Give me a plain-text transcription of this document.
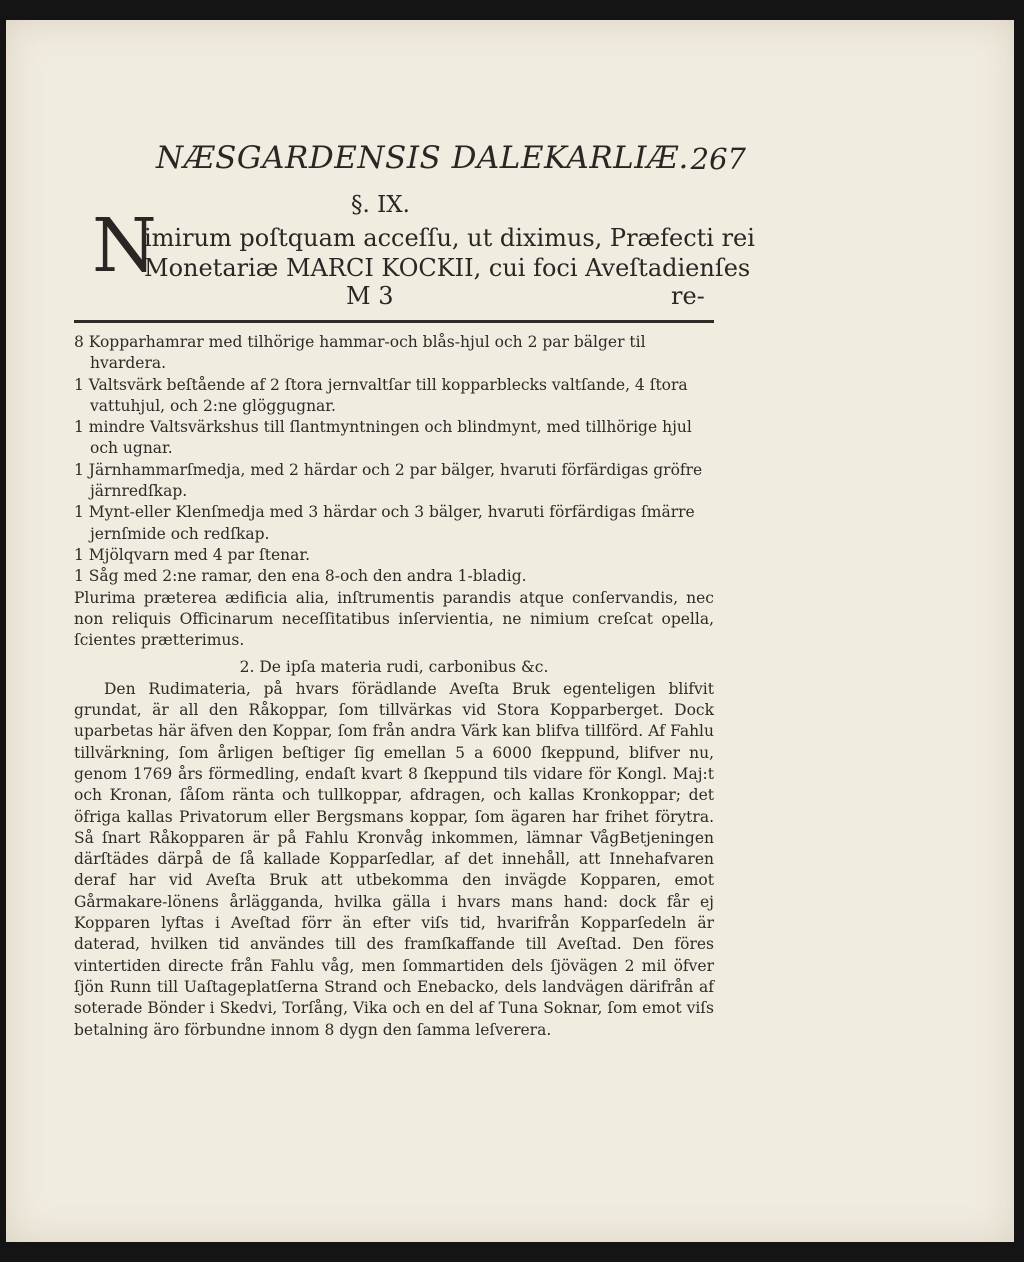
NÆSGARDENSIS DALEKARLIÆ. 267
§. IX.
N
imirum poſtquam acceſſu, ut diximus, Præfecti rei
Monetariæ MARCI KOCKII, cui foci Aveſtadienſes
M 3	re-

8 Kopparhamrar med tilhörige hammar-och blås-hjul och 2 par bälger til hvardera.

1 Valtsvärk beſtående af 2 ſtora jernvaltſar till kopparblecks valtſande, 4 ſtora vattuhjul, och 2:ne glöggugnar.

1 mindre Valtsvärkshus till ſlantmyntningen och blindmynt, med tillhörige hjul och ugnar.

1 Järnhammarſmedja, med 2 härdar och 2 par bälger, hvaruti förfärdigas gröfre järnredſkap.

1 Mynt-eller Klenſmedja med 3 härdar och 3 bälger, hvaruti förfärdigas ſmärre jernſmide och redſkap.

1 Mjölqvarn med 4 par ſtenar.

1 Såg med 2:ne ramar, den ena 8-och den andra 1-bladig.

Plurima præterea ædificia alia, inſtrumentis parandis atque conſervandis, nec non reliquis Officinarum neceſſitatibus inſervientia, ne nimium creſcat opella, ſcientes prætterimus.

2. De ipſa materia rudi, carbonibus &c.

Den Rudimateria, på hvars förädlande Aveſta Bruk egenteligen blifvit grundat, är all den Råkoppar, ſom tillvärkas vid Stora Kopparberget. Dock uparbetas här äfven den Koppar, ſom från andra Värk kan blifva tillförd. Af Fahlu tillvärkning, ſom årligen beſtiger ſig emellan 5 a 6000 ſkeppund, blifver nu, genom 1769 års förmedling, endaſt kvart 8 ſkeppund tils vidare för Kongl. Maj:t och Kronan, ſåſom ränta och tullkoppar, afdragen, och kallas Kronkoppar; det öfriga kallas Privatorum eller Bergsmans koppar, ſom ägaren har frihet förytra. Så ſnart Råkopparen är på Fahlu Kronvåg inkommen, lämnar VågBetjeningen därſtädes därpå de ſå kallade Kopparſedlar, af det innehåll, att Innehafvaren deraf har vid Aveſta Bruk att utbekomma den invägde Kopparen, emot Gårmakare-lönens årlägganda, hvilka gälla i hvars mans hand: dock får ej Kopparen lyftas i Aveſtad förr än efter viſs tid, hvarifrån Kopparſedeln är daterad, hvilken tid användes till des framſkaffande till Aveſtad. Den föres vintertiden directe från Fahlu våg, men ſommartiden dels ſjövägen 2 mil öfver ſjön Runn till Uaſtageplatſerna Strand och Enebacko, dels landvägen därifrån af soterade Bönder i Skedvi, Torſång, Vika och en del af Tuna Soknar, ſom emot viſs betalning äro förbundne innom 8 dygn den ſamma leſverera.
